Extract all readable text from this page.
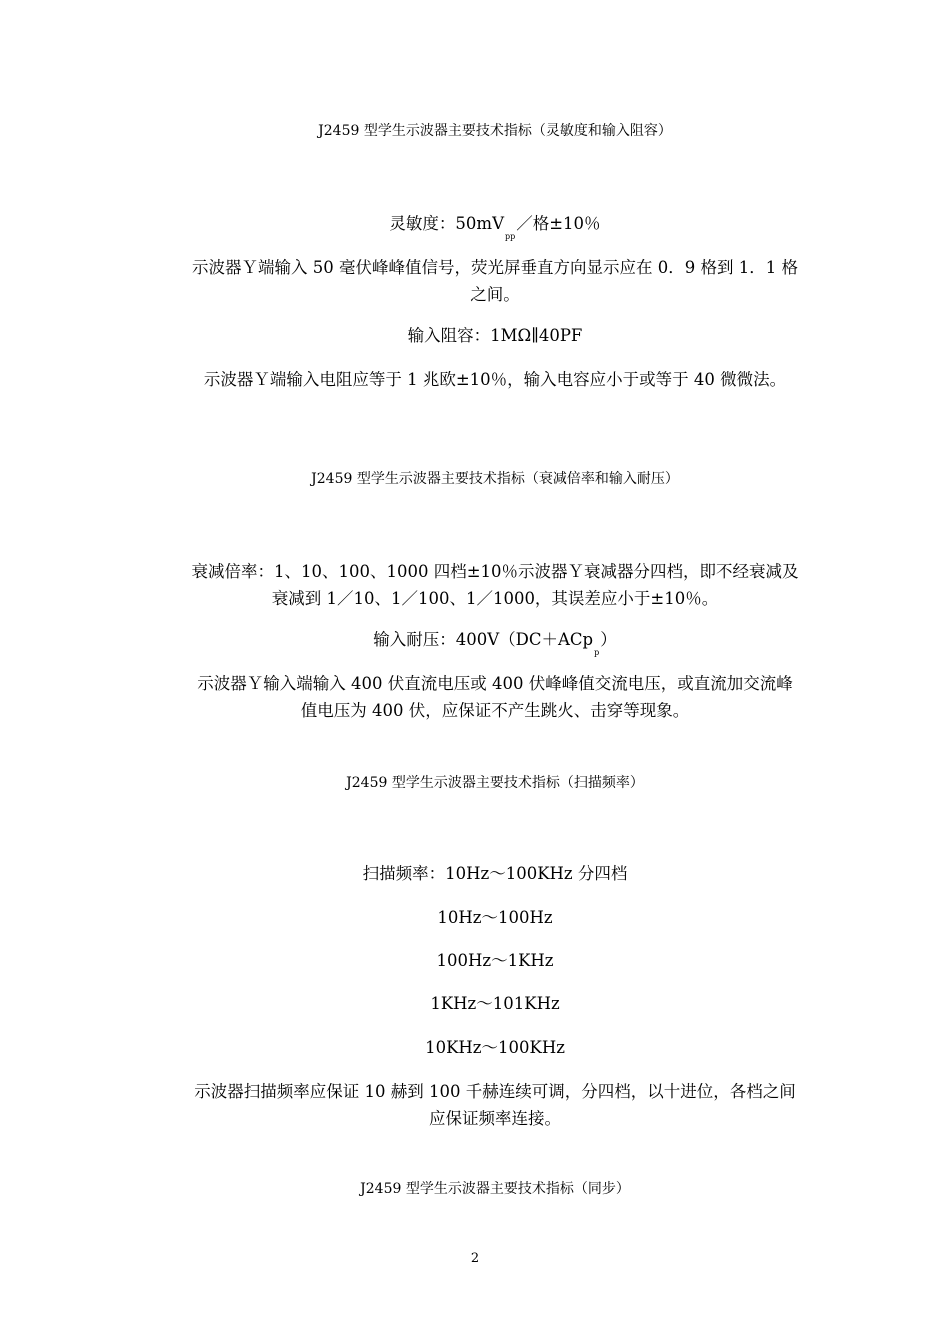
J2459 型学生示波器主要技术指标（灵敏度和输入阻容）
灵敏度：$50mV_{pp}/$格±10％
示波器Ｙ端输入 50 毫伏峰峰值信号，荧光屏垂直方向显示应在 0．9 格到 1．1 格之间。
输入阻容：1MΩ∥40PF
示波器Ｙ端输入电阻应等于 1 兆欧±10％，输入电容应小于或等于 40 微微法。
J2459 型学生示波器主要技术指标（衰减倍率和输入耐压）
衰减倍率：1、10、100、1000 四档±10％示波器Ｙ衰减器分四档，即不经衰减及衰减到 1／10、1／100、1／1000，其误差应小于±10％。
输入耐压：400V（DC＋ACp$_p$）
示波器Ｙ输入端输入 400 伏直流电压或 400 伏峰峰值交流电压，或直流加交流峰值电压为 400 伏，应保证不产生跳火、击穿等现象。
J2459 型学生示波器主要技术指标（扫描频率）
扫描频率：10Hz～100KHz 分四档
10Hz～100Hz
100Hz～1KHz
1KHz～101KHz
10KHz～100KHz
示波器扫描频率应保证 10 赫到 100 千赫连续可调，分四档，以十进位，各档之间应保证频率连接。
J2459 型学生示波器主要技术指标（同步）
2
